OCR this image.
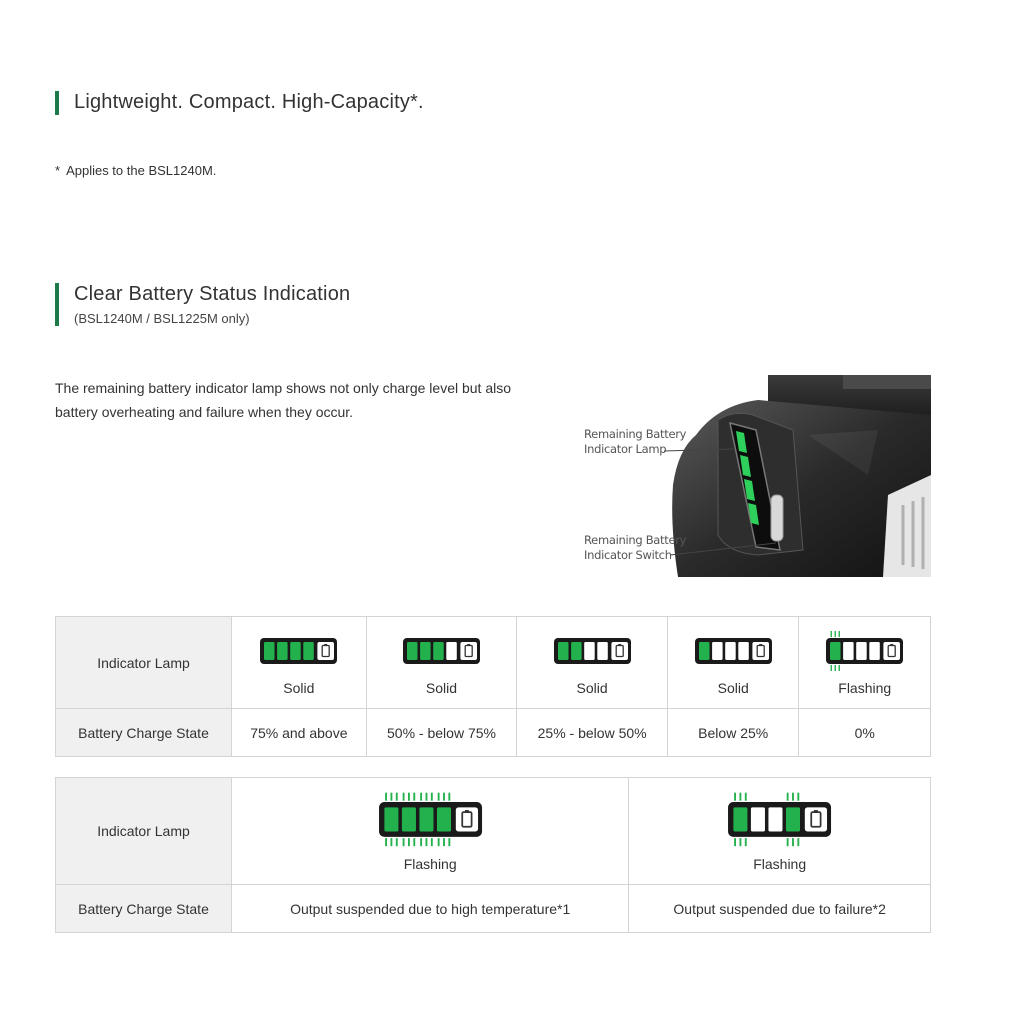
Lightweight. Compact. High-Capacity*.
* Applies to the BSL1240M.
Clear Battery Status Indication
(BSL1240M / BSL1225M only)
The remaining battery indicator lamp shows not only charge level but also battery overheating and failure when they occur.
Remaining Battery
Indicator Lamp
Remaining Battery
Indicator Switch
Indicator Lamp	Solid	Solid	Solid	Solid	Flashing

Battery Charge State	75% and above	50% - below 75%	25% - below 50%	Below 25%	0%
Indicator Lamp	Flashing	Flashing

Battery Charge State	Output suspended due to high temperature*1	Output suspended due to failure*2
